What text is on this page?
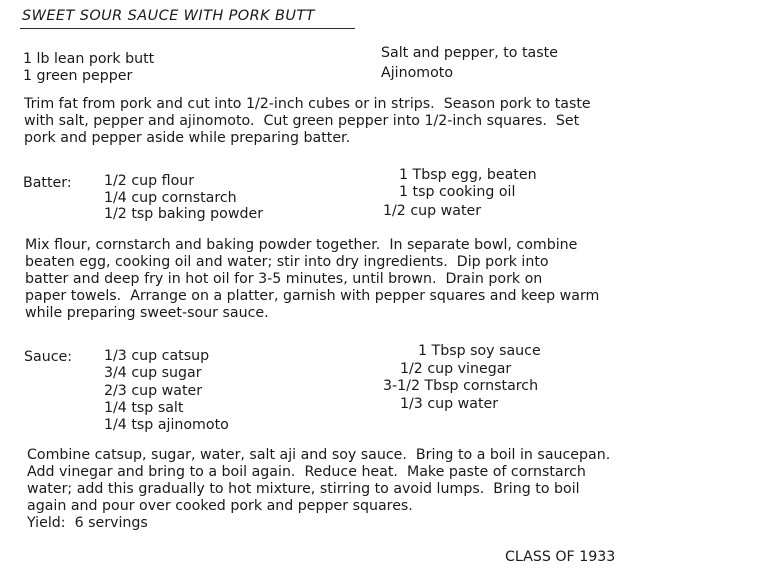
SWEET SOUR SAUCE WITH PORK BUTT
1 lb lean pork butt
1 green pepper
Salt and pepper, to taste
Ajinomoto
Trim fat from pork and cut into 1/2-inch cubes or in strips.  Season pork to taste
with salt, pepper and ajinomoto.  Cut green pepper into 1/2-inch squares.  Set
pork and pepper aside while preparing batter.
Batter: 1/2 cup flour
1/4 cup cornstarch
1/2 tsp baking powder
1 Tbsp egg, beaten
1 tsp cooking oil
1/2 cup water
Mix flour, cornstarch and baking powder together.  In separate bowl, combine
beaten egg, cooking oil and water; stir into dry ingredients.  Dip pork into
batter and deep fry in hot oil for 3-5 minutes, until brown.  Drain pork on
paper towels.  Arrange on a platter, garnish with pepper squares and keep warm
while preparing sweet-sour sauce.
Sauce: 1/3 cup catsup
3/4 cup sugar
2/3 cup water
1/4 tsp salt
1/4 tsp ajinomoto
1 Tbsp soy sauce
1/2 cup vinegar
3-1/2 Tbsp cornstarch
1/3 cup water
Combine catsup, sugar, water, salt aji and soy sauce.  Bring to a boil in saucepan.
Add vinegar and bring to a boil again.  Reduce heat.  Make paste of cornstarch
water; add this gradually to hot mixture, stirring to avoid lumps.  Bring to boil
again and pour over cooked pork and pepper squares.
Yield:  6 servings
CLASS OF 1933
